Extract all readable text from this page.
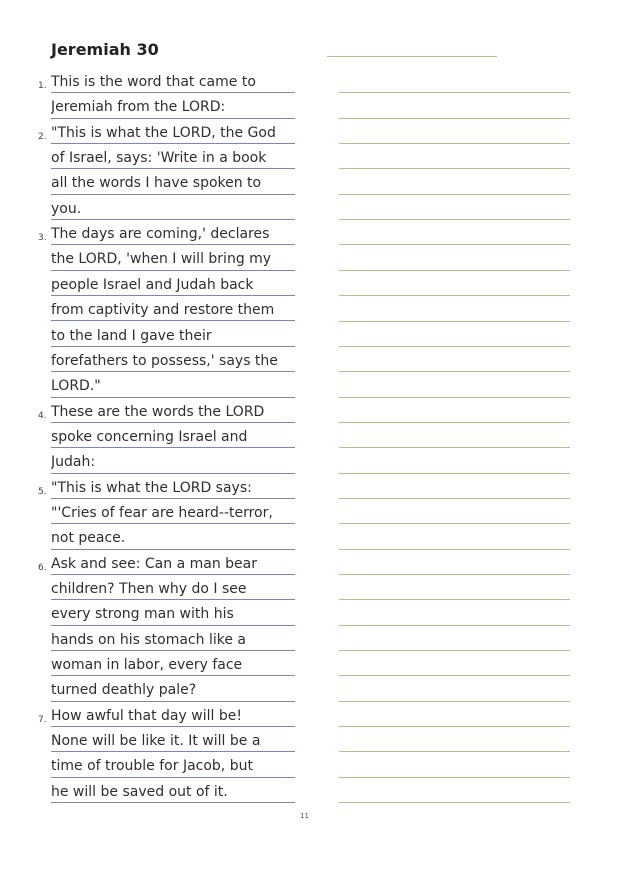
Jeremiah 30
1. This is the word that came to
Jeremiah from the LORD:
2. "This is what the LORD, the God
of Israel, says: 'Write in a book
all the words I have spoken to
you.
3. The days are coming,' declares
the LORD, 'when I will bring my
people Israel and Judah back
from captivity and restore them
to the land I gave their
forefathers to possess,' says the
LORD."
4. These are the words the LORD
spoke concerning Israel and
Judah:
5. "This is what the LORD says:
"'Cries of fear are heard--terror,
not peace.
6. Ask and see: Can a man bear
children? Then why do I see
every strong man with his
hands on his stomach like a
woman in labor, every face
turned deathly pale?
7. How awful that day will be!
None will be like it. It will be a
time of trouble for Jacob, but
he will be saved out of it.
11
